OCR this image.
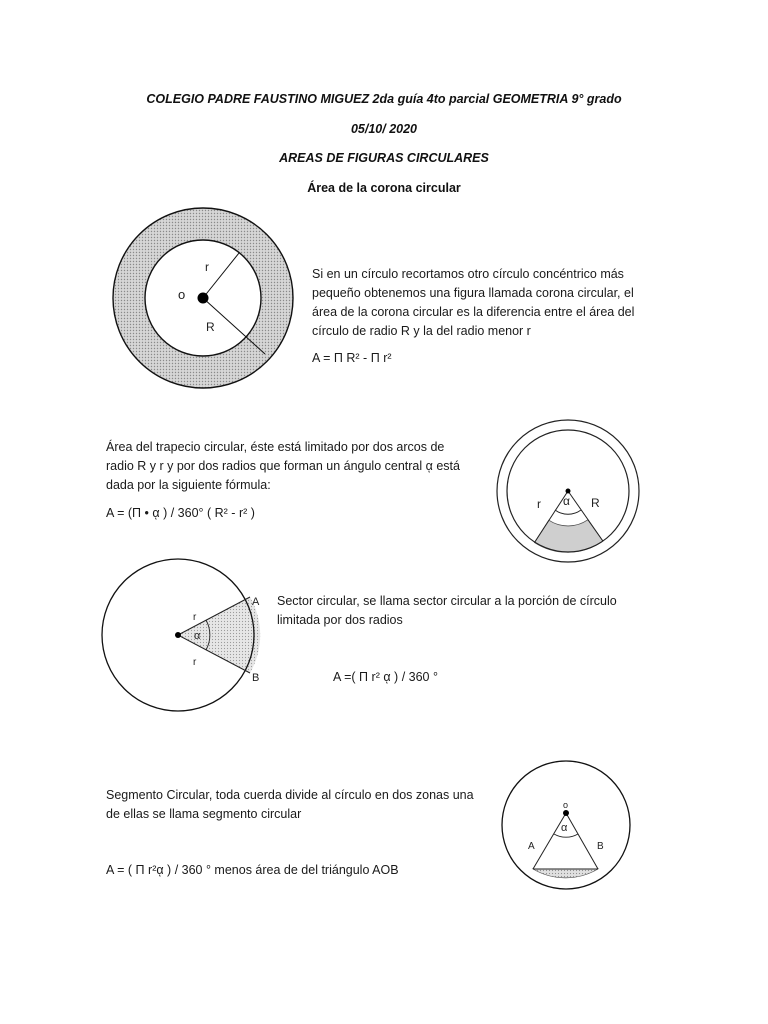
COLEGIO PADRE FAUSTINO MIGUEZ 2da guía 4to parcial GEOMETRIA 9° grado
05/10/ 2020
AREAS DE FIGURAS CIRCULARES
Área de la corona circular
r
o
R
Si en un círculo recortamos otro círculo concéntrico más
pequeño obtenemos una figura llamada corona circular, el
área de la corona circular es la diferencia entre el área del
círculo de radio R y la del radio menor r
A = Π R² - Π r²
Área del trapecio circular, éste está limitado por dos arcos de
radio R y r y por dos radios que forman un ángulo central ᾳ está
dada por la siguiente fórmula:
A = (Π • ᾳ ) / 360° ( R² - r² )
r α R
A
B
r
r
α
Sector circular, se llama sector circular a la porción de círculo
limitada por dos radios
A =( Π r² ᾳ ) / 360 °
Segmento Circular, toda cuerda divide al círculo en dos zonas una
de ellas se llama segmento circular
A = ( Π r²ᾳ ) / 360 ° menos área de del triángulo AOB
o
α
A	B
